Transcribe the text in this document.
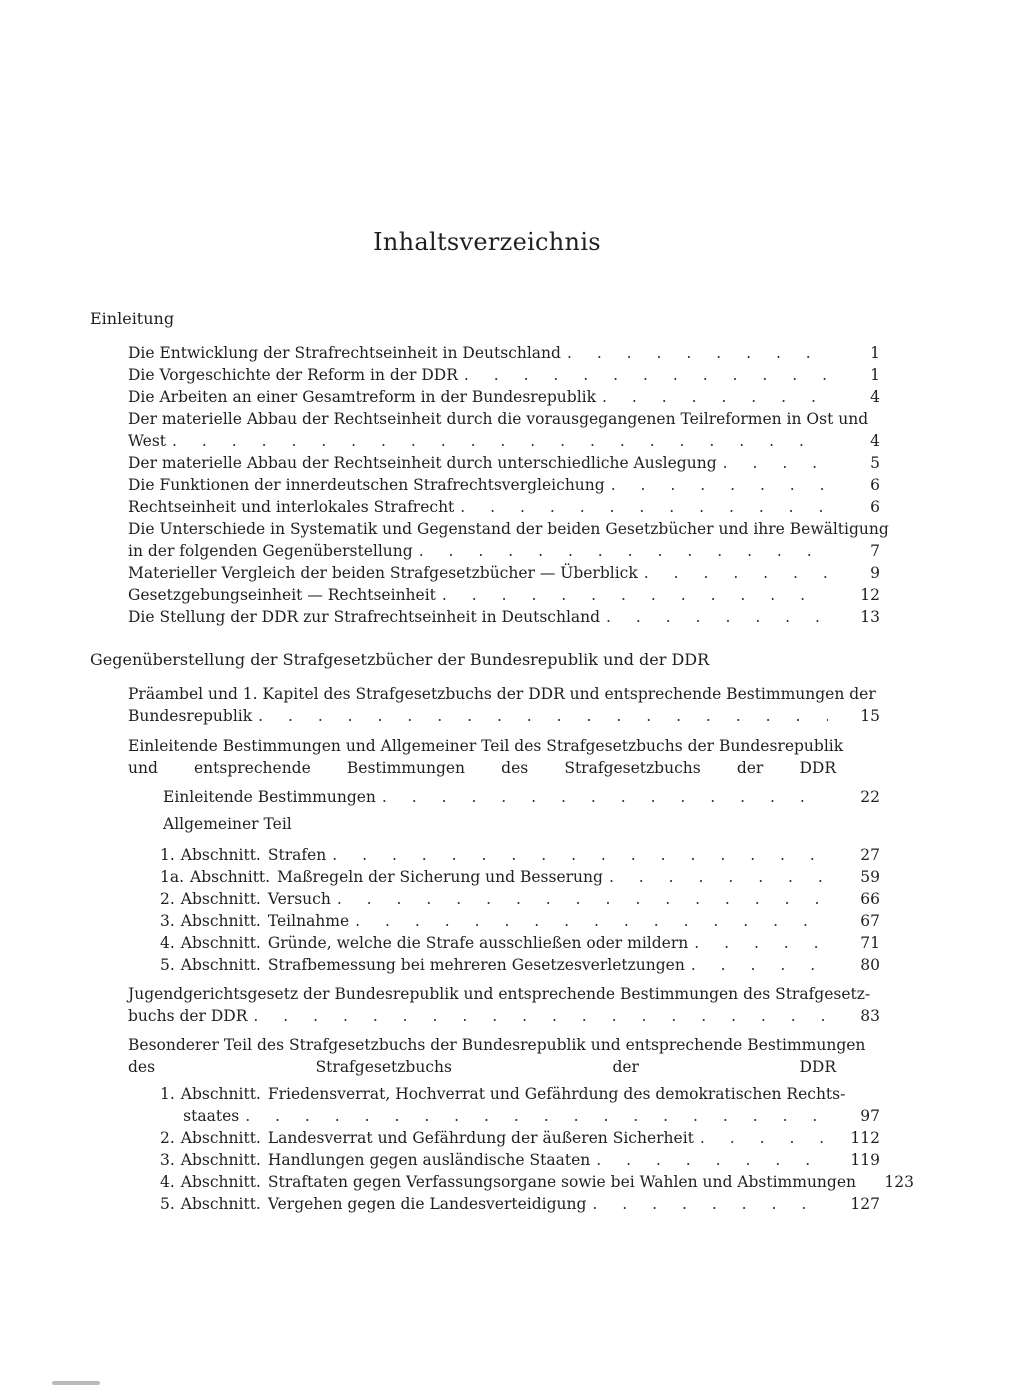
Inhaltsverzeichnis
Einleitung
Die Entwicklung der Strafrechtseinheit in Deutschland . . .	1
Die Vorgeschichte der Reform in der DDR . . .	1
Die Arbeiten an einer Gesamtreform in der Bundesrepublik . . .	4
Der materielle Abbau der Rechtseinheit durch die vorausgegangenen Teilreformen in Ost und
West . . .	4
Der materielle Abbau der Rechtseinheit durch unterschiedliche Auslegung . . .	5
Die Funktionen der innerdeutschen Strafrechtsvergleichung . . .	6
Rechtseinheit und interlokales Strafrecht . . .	6
Die Unterschiede in Systematik und Gegenstand der beiden Gesetzbücher und ihre Bewältigung
in der folgenden Gegenüberstellung . . .	7
Materieller Vergleich der beiden Strafgesetzbücher — Überblick . . .	9
Gesetzgebungseinheit — Rechtseinheit . . .	12
Die Stellung der DDR zur Strafrechtseinheit in Deutschland . . .	13
Gegenüberstellung der Strafgesetzbücher der Bundesrepublik und der DDR
Präambel und 1. Kapitel des Strafgesetzbuchs der DDR und entsprechende Bestimmungen der
Bundesrepublik . . .	15
Einleitende Bestimmungen und Allgemeiner Teil des Strafgesetzbuchs der Bundesrepublik
und entsprechende Bestimmungen des Strafgesetzbuchs der DDR
Einleitende Bestimmungen . . .	22
Allgemeiner Teil
1. Abschnitt. Strafen . . .	27
1a. Abschnitt. Maßregeln der Sicherung und Besserung . . .	59
2. Abschnitt. Versuch . . .	66
3. Abschnitt. Teilnahme . . .	67
4. Abschnitt. Gründe, welche die Strafe ausschließen oder mildern . . .	71
5. Abschnitt. Strafbemessung bei mehreren Gesetzesverletzungen . . .	80
Jugendgerichtsgesetz der Bundesrepublik und entsprechende Bestimmungen des Strafgesetz-
buchs der DDR . . .	83
Besonderer Teil des Strafgesetzbuchs der Bundesrepublik und entsprechende Bestimmungen
des Strafgesetzbuchs der DDR
1. Abschnitt. Friedensverrat, Hochverrat und Gefährdung des demokratischen Rechts-
staates . . .	97
2. Abschnitt. Landesverrat und Gefährdung der äußeren Sicherheit . . .	112
3. Abschnitt. Handlungen gegen ausländische Staaten . . .	119
4. Abschnitt. Straftaten gegen Verfassungsorgane sowie bei Wahlen und Abstimmungen	123
5. Abschnitt. Vergehen gegen die Landesverteidigung . . .	127
